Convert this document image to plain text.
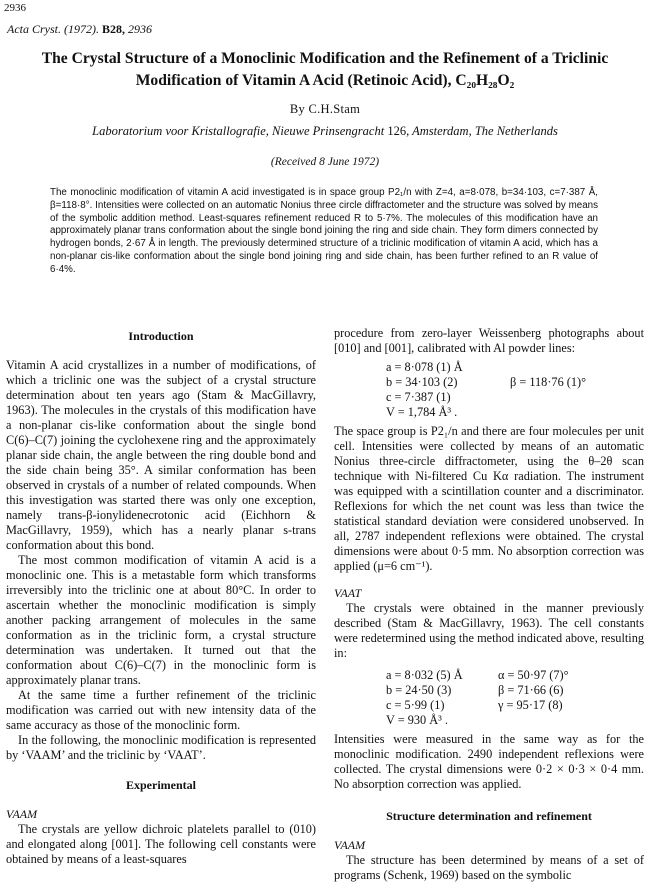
2936
Acta Cryst. (1972). B28, 2936
The Crystal Structure of a Monoclinic Modification and the Refinement of a Triclinic
Modification of Vitamin A Acid (Retinoic Acid), C₂₀H₂₈O₂
By C.H.Stam
Laboratorium voor Kristallografie, Nieuwe Prinsengracht 126, Amsterdam, The Netherlands
(Received 8 June 1972)
The monoclinic modification of vitamin A acid investigated is in space group P2₁/n with Z=4, a=8·078, b=34·103, c=7·387 Å, β=118·8°. Intensities were collected on an automatic Nonius three circle diffractometer and the structure was solved by means of the symbolic addition method. Least-squares refinement reduced R to 5·7%. The molecules of this modification have an approximately planar trans conformation about the single bond joining the ring and side chain. They form dimers connected by hydrogen bonds, 2·67 Å in length. The previously determined structure of a triclinic modification of vitamin A acid, which has a non-planar cis-like conformation about the single bond joining ring and side chain, has been further refined to an R value of 6·4%.
Introduction

Vitamin A acid crystallizes in a number of modifications, of which a triclinic one was the subject of a crystal structure determination about ten years ago (Stam & MacGillavry, 1963). The molecules in the crystals of this modification have a non-planar cis-like conformation about the single bond C(6)–C(7) joining the cyclohexene ring and the approximately planar side chain, the angle between the ring double bond and the side chain being 35°. A similar conformation has been observed in crystals of a number of related compounds. When this investigation was started there was only one exception, namely trans-β-ionylidenecrotonic acid (Eichhorn & MacGillavry, 1959), which has a nearly planar s-trans conformation about this bond.

The most common modification of vitamin A acid is a monoclinic one. This is a metastable form which transforms irreversibly into the triclinic one at about 80°C. In order to ascertain whether the monoclinic modification is simply another packing arrangement of molecules in the same conformation as in the triclinic form, a crystal structure determination was undertaken. It turned out that the conformation about C(6)–C(7) in the monoclinic form is approximately planar trans.

At the same time a further refinement of the triclinic modification was carried out with new intensity data of the same accuracy as those of the monoclinic form.

In the following, the monoclinic modification is represented by ‘VAAM’ and the triclinic by ‘VAAT’.

Experimental
VAAM

The crystals are yellow dichroic platelets parallel to (010) and elongated along [001]. The following cell constants were obtained by means of a least-squares

procedure from zero-layer Weissenberg photographs about [010] and [001], calibrated with Al powder lines:

a = 8·078 (1) Å
b = 34·103 (2)	β = 118·76 (1)°
c = 7·387 (1)
V = 1,784 Å³ .

The space group is P2₁/n and there are four molecules per unit cell. Intensities were collected by means of an automatic Nonius three-circle diffractometer, using the θ–2θ scan technique with Ni-filtered Cu Kα radiation. The instrument was equipped with a scintillation counter and a discriminator. Reflexions for which the net count was less than twice the statistical standard deviation were considered unobserved. In all, 2787 independent reflexions were obtained. The crystal dimensions were about 0·5 mm. No absorption correction was applied (μ=6 cm⁻¹).

VAAT

The crystals were obtained in the manner previously described (Stam & MacGillavry, 1963). The cell constants were redetermined using the method indicated above, resulting in:

a = 8·032 (5) Å	α = 50·97 (7)°
b = 24·50 (3)	β = 71·66 (6)
c = 5·99 (1)	γ = 95·17 (8)
V = 930 Å³ .

Intensities were measured in the same way as for the monoclinic modification. 2490 independent reflexions were collected. The crystal dimensions were 0·2 × 0·3 × 0·4 mm. No absorption correction was applied.

Structure determination and refinement
VAAM

The structure has been determined by means of a set of programs (Schenk, 1969) based on the symbolic
